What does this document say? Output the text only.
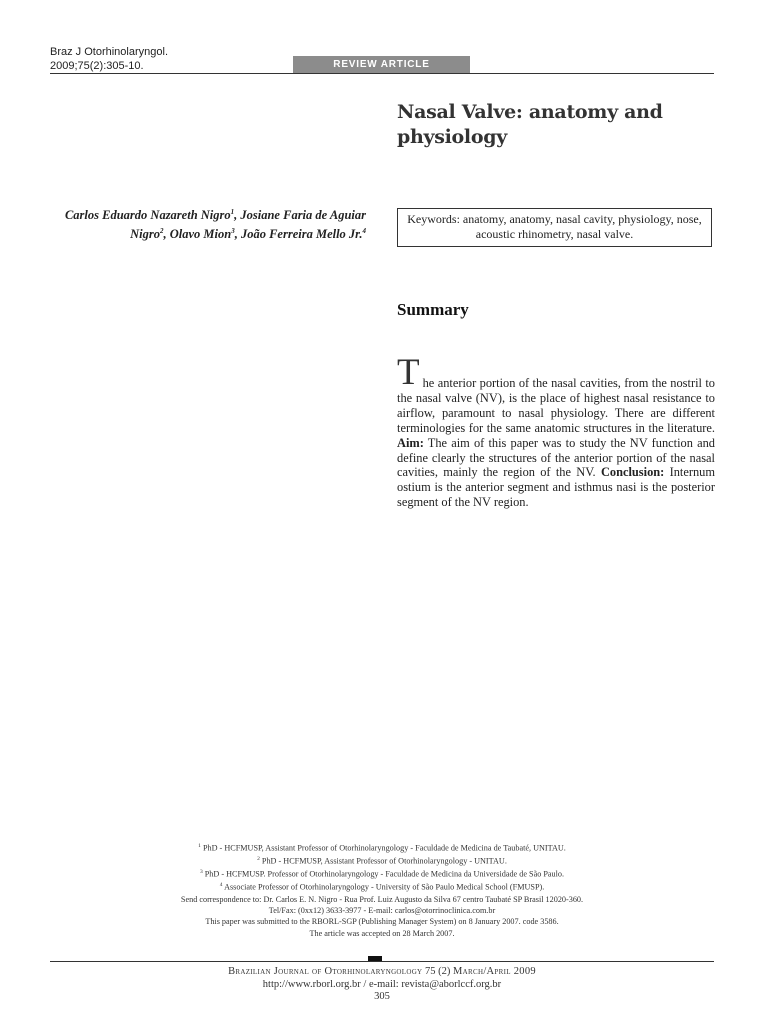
Braz J Otorhinolaryngol.
2009;75(2):305-10.	REVIEW ARTICLE
Nasal Valve: anatomy and physiology
Carlos Eduardo Nazareth Nigro$^1$, Josiane Faria de Aguiar Nigro$^2$, Olavo Mion$^3$, João Ferreira Mello Jr.$^4$
Keywords: anatomy, anatomy, nasal cavity, physiology, nose, acoustic rhinometry, nasal valve.
Summary
T he anterior portion of the nasal cavities, from the nostril to the nasal valve (NV), is the place of highest nasal resistance to airflow, paramount to nasal physiology. There are different terminologies for the same anatomic structures in the literature. Aim: The aim of this paper was to study the NV function and define clearly the structures of the anterior portion of the nasal cavities, mainly the region of the NV. Conclusion: Internum ostium is the anterior segment and isthmus nasi is the posterior segment of the NV region.
$^1$ PhD - HCFMUSP, Assistant Professor of Otorhinolaryngology - Faculdade de Medicina de Taubaté, UNITAU.
$^2$ PhD - HCFMUSP, Assistant Professor of Otorhinolaryngology - UNITAU.
$^3$ PhD - HCFMUSP. Professor of Otorhinolaryngology - Faculdade de Medicina da Universidade de São Paulo.
$^4$ Associate Professor of Otorhinolaryngology - University of São Paulo Medical School (FMUSP).
Send correspondence to: Dr. Carlos E. N. Nigro - Rua Prof. Luiz Augusto da Silva 67 centro Taubaté SP Brasil 12020-360.
Tel/Fax: (0xx12) 3633-3977 - E-mail: carlos@otorrinoclinica.com.br
This paper was submitted to the RBORL-SGP (Publishing Manager System) on 8 January 2007. code 3586.
The article was accepted on 28 March 2007.
Brazilian Journal of Otorhinolaryngology 75 (2) March/April 2009
http://www.rborl.org.br / e-mail: revista@aborlccf.org.br
305
